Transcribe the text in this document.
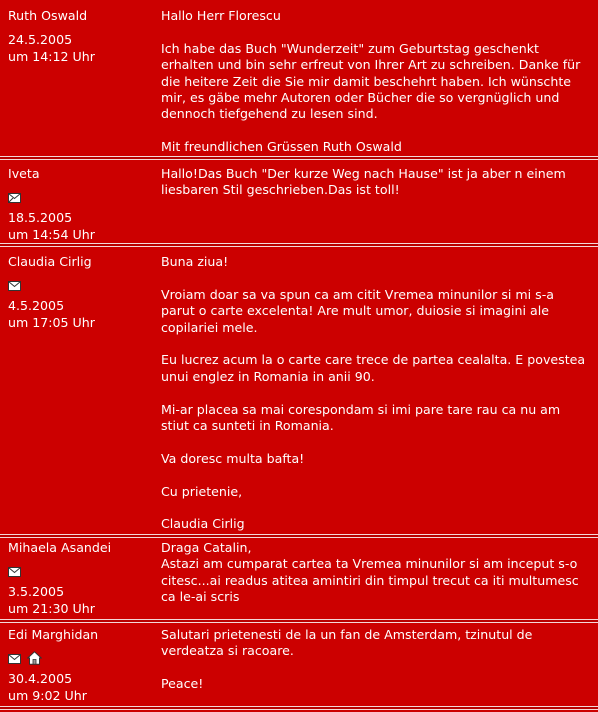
Ruth Oswald
24.5.2005
um 14:12 Uhr

Hallo Herr Florescu

Ich habe das Buch "Wunderzeit" zum Geburtstag geschenkt erhalten und bin sehr erfreut von Ihrer Art zu schreiben. Danke für die heitere Zeit die Sie mir damit beschehrt haben. Ich wünschte mir, es gäbe mehr Autoren oder Bücher die so vergnüglich und dennoch tiefgehend zu lesen sind.

Mit freundlichen Grüssen Ruth Oswald

Iveta
18.5.2005
um 14:54 Uhr

Hallo!Das Buch "Der kurze Weg nach Hause" ist ja aber n einem liesbaren Stil geschrieben.Das ist toll!

Claudia Cirlig
4.5.2005
um 17:05 Uhr

Buna ziua!

Vroiam doar sa va spun ca am citit Vremea minunilor si mi s-a parut o carte excelenta! Are mult umor, duiosie si imagini ale copilariei mele.

Eu lucrez acum la o carte care trece de partea cealalta. E povestea unui englez in Romania in anii 90.

Mi-ar placea sa mai corespondam si imi pare tare rau ca nu am stiut ca sunteti in Romania.

Va doresc multa bafta!

Cu prietenie,

Claudia Cirlig

Mihaela Asandei
3.5.2005
um 21:30 Uhr

Draga Catalin,
Astazi am cumparat cartea ta Vremea minunilor si am inceput s-o citesc...ai readus atitea amintiri din timpul trecut ca iti multumesc ca le-ai scris

Edi Marghidan
30.4.2005
um 9:02 Uhr

Salutari prietenesti de la un fan de Amsterdam, tzinutul de verdeatza si racoare.

Peace!
